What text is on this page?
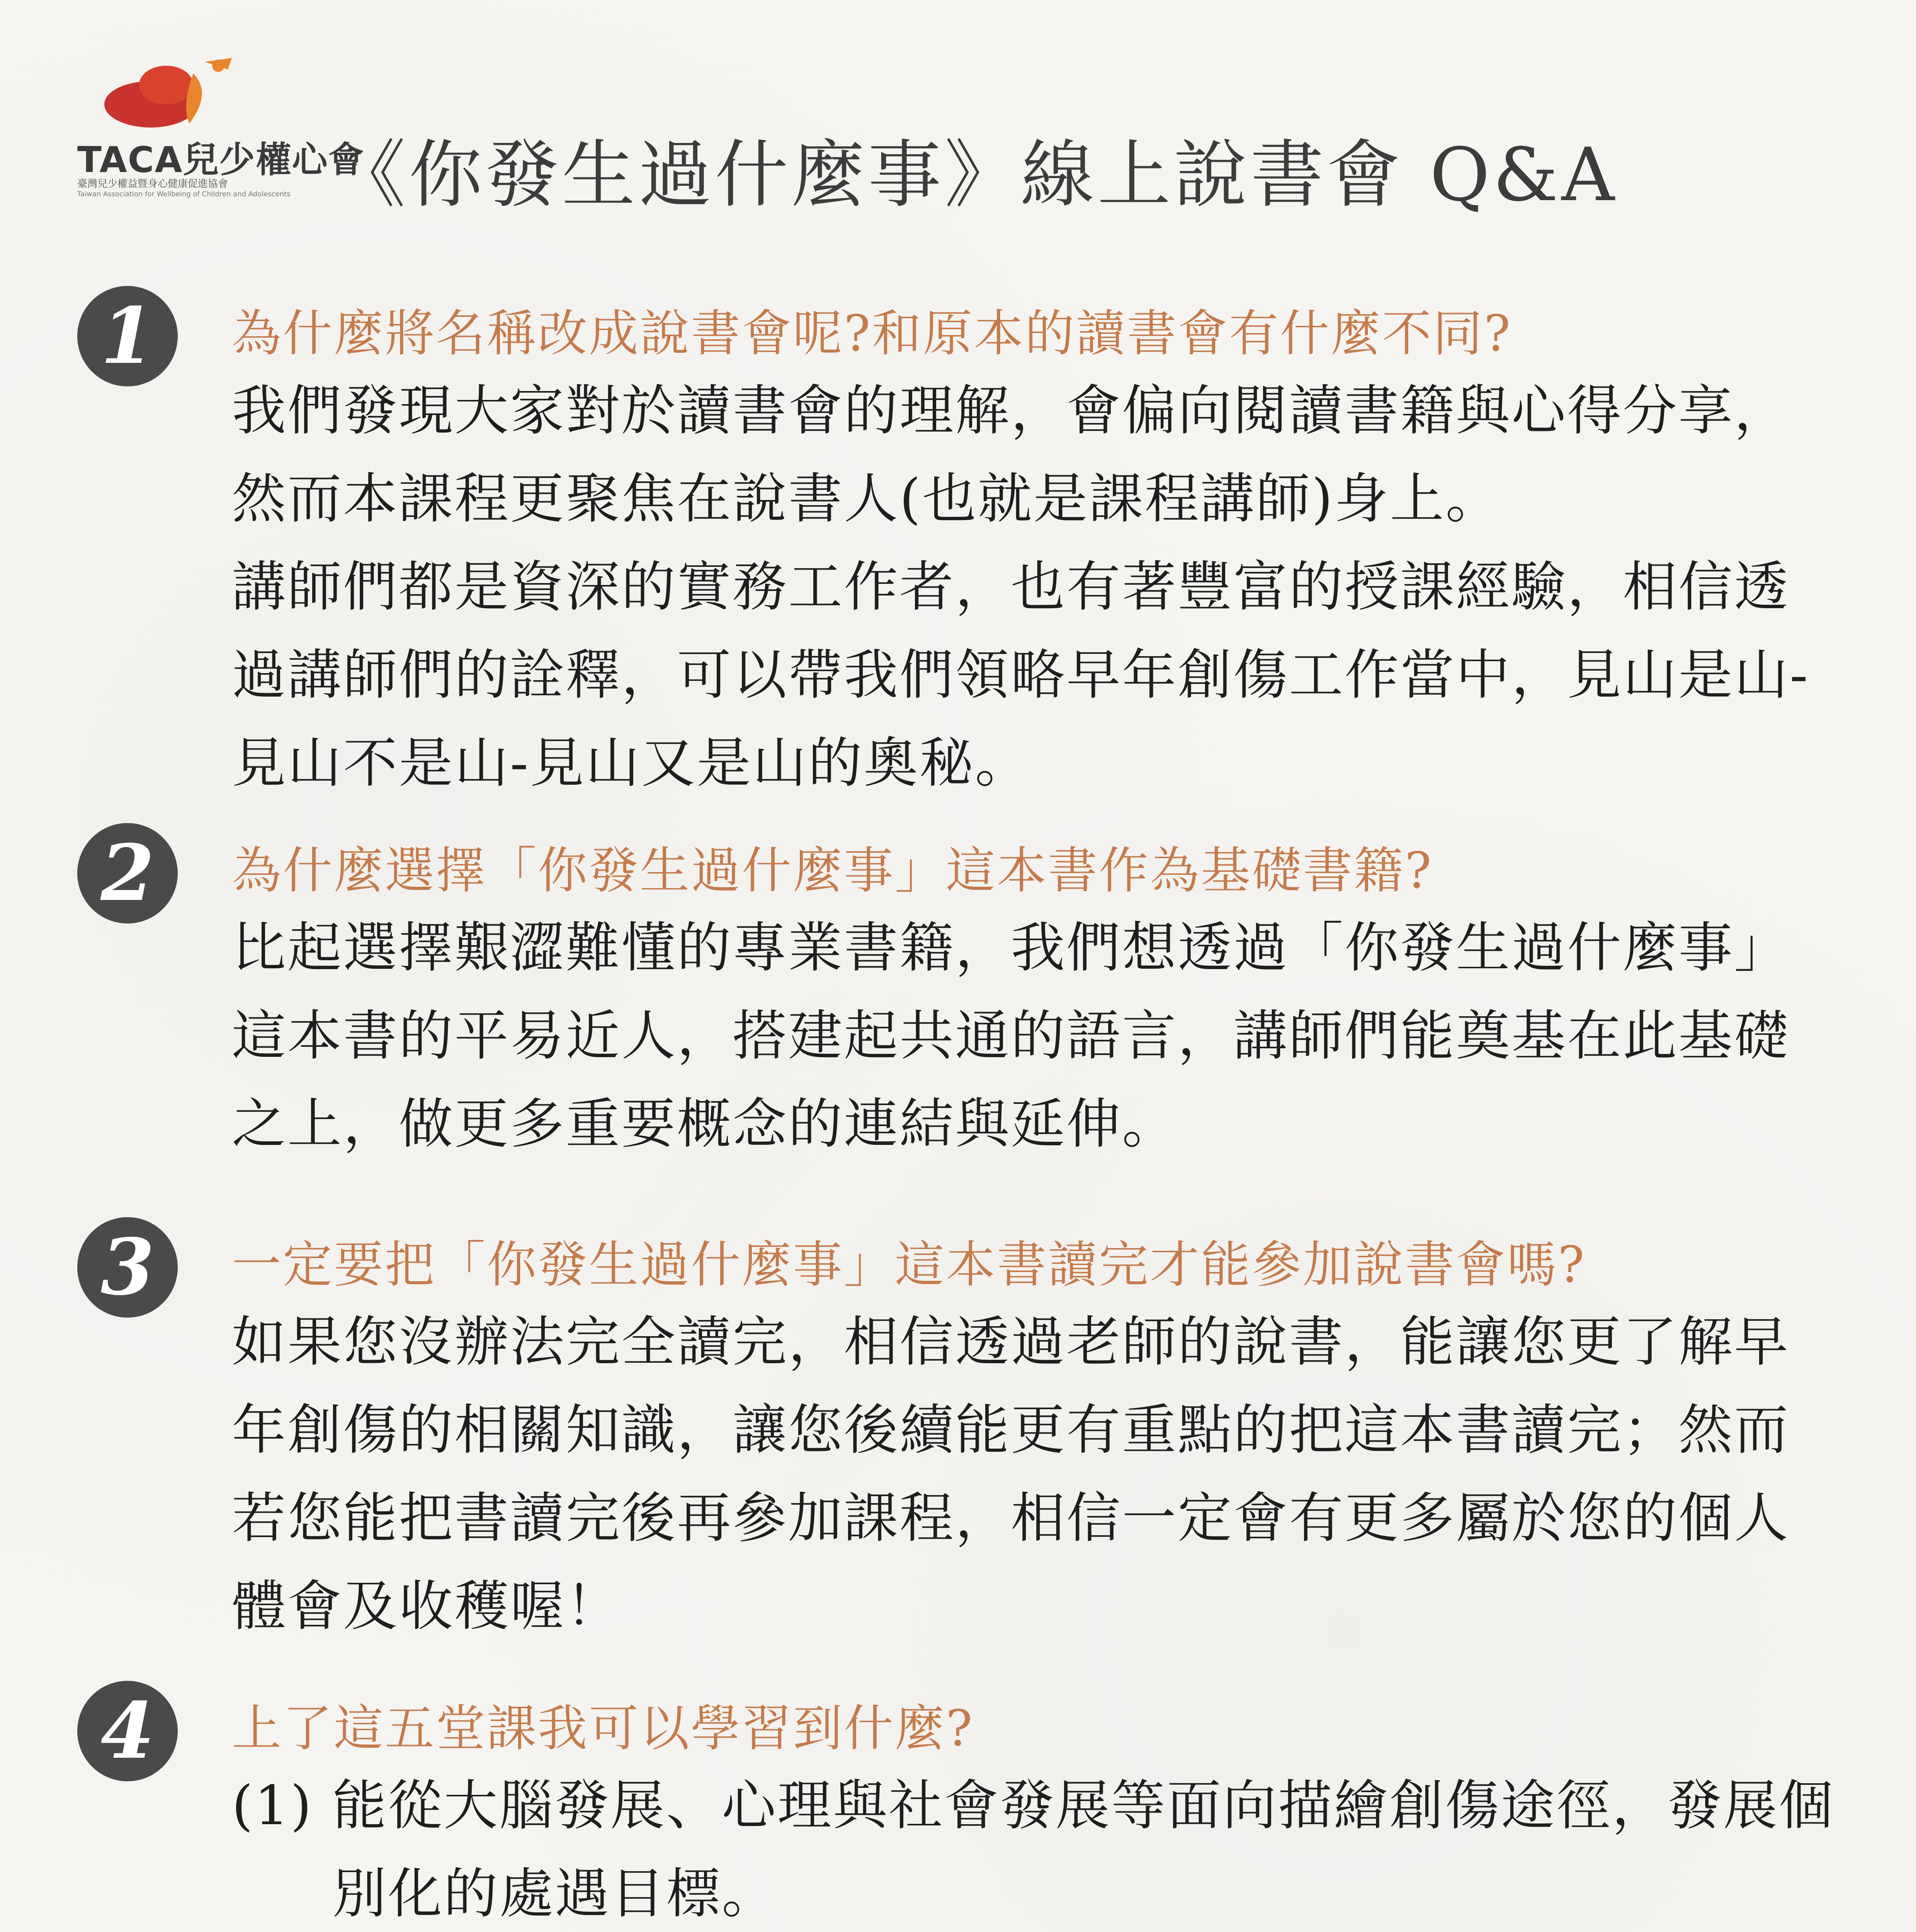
TACA兒少權心會
臺灣兒少權益暨身心健康促進協會
Taiwan Association for Wellbeing of Children and Adolescents 《你發生過什麼事》線上說書會 Q&A
1	為什麼將名稱改成說書會呢?和原本的讀書會有什麼不同?

我們發現大家對於讀書會的理解，會偏向閱讀書籍與心得分享，

然而本課程更聚焦在說書人(也就是課程講師)身上。

講師們都是資深的實務工作者，也有著豐富的授課經驗，相信透

過講師們的詮釋，可以帶我們領略早年創傷工作當中，見山是山-

見山不是山-見山又是山的奧秘。

2	為什麼選擇「你發生過什麼事」這本書作為基礎書籍?

比起選擇艱澀難懂的專業書籍，我們想透過「你發生過什麼事」

這本書的平易近人，搭建起共通的語言，講師們能奠基在此基礎

之上，做更多重要概念的連結與延伸。

3	一定要把「你發生過什麼事」這本書讀完才能參加說書會嗎?

如果您沒辦法完全讀完，相信透過老師的說書，能讓您更了解早

年創傷的相關知識，讓您後續能更有重點的把這本書讀完；然而

若您能把書讀完後再參加課程，相信一定會有更多屬於您的個人

體會及收穫喔！

4	上了這五堂課我可以學習到什麼?
(1) 能從大腦發展、心理與社會發展等面向描繪創傷途徑，發展個

別化的處遇目標。
